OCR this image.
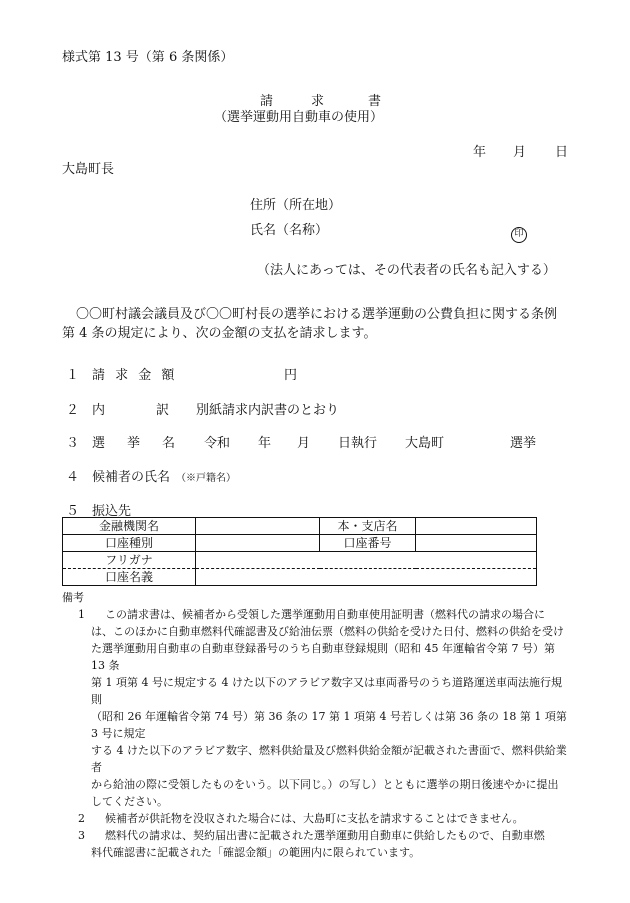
様式第 13 号（第 6 条関係）
請	求	書
（選挙運動用自動車の使用）
年 月 日
大島町長
住所（所在地）
氏名（名称）	印
（法人にあっては、その代表者の氏名も記入する）
〇〇町村議会議員及び〇〇町村長の選挙における選挙運動の公費負担に関する条例
第 4 条の規定により、次の金額の支払を請求します。
１ 請 求 金 額	円
２ 内	訳 別紙請求内訳書のとおり
３ 選 挙 名 令和 年 月 日執行 大島町	選挙
４ 候補者の氏名 （※戸籍名）
５ 振込先
金融機関名		本・支店名	
口座種別		口座番号	
フリガナ			
口座名義			
備考
1	この請求書は、候補者から受領した選挙運動用自動車使用証明書（燃料代の請求の場合に
は、このほかに自動車燃料代確認書及び給油伝票（燃料の供給を受けた日付、燃料の供給を受け
た選挙運動用自動車の自動車登録番号のうち自動車登録規則（昭和 45 年運輸省令第 7 号）第 13 条
第 1 項第 4 号に規定する 4 けた以下のアラビア数字又は車両番号のうち道路運送車両法施行規則
（昭和 26 年運輸省令第 74 号）第 36 条の 17 第 1 項第 4 号若しくは第 36 条の 18 第 1 項第 3 号に規定
する 4 けた以下のアラビア数字、燃料供給量及び燃料供給金額が記載された書面で、燃料供給業者
から給油の際に受領したものをいう。以下同じ。）の写し）とともに選挙の期日後速やかに提出
してください。
2	候補者が供託物を没収された場合には、大島町に支払を請求することはできません。
3	燃料代の請求は、契約届出書に記載された選挙運動用自動車に供給したもので、自動車燃
料代確認書に記載された「確認金額」の範囲内に限られています。
